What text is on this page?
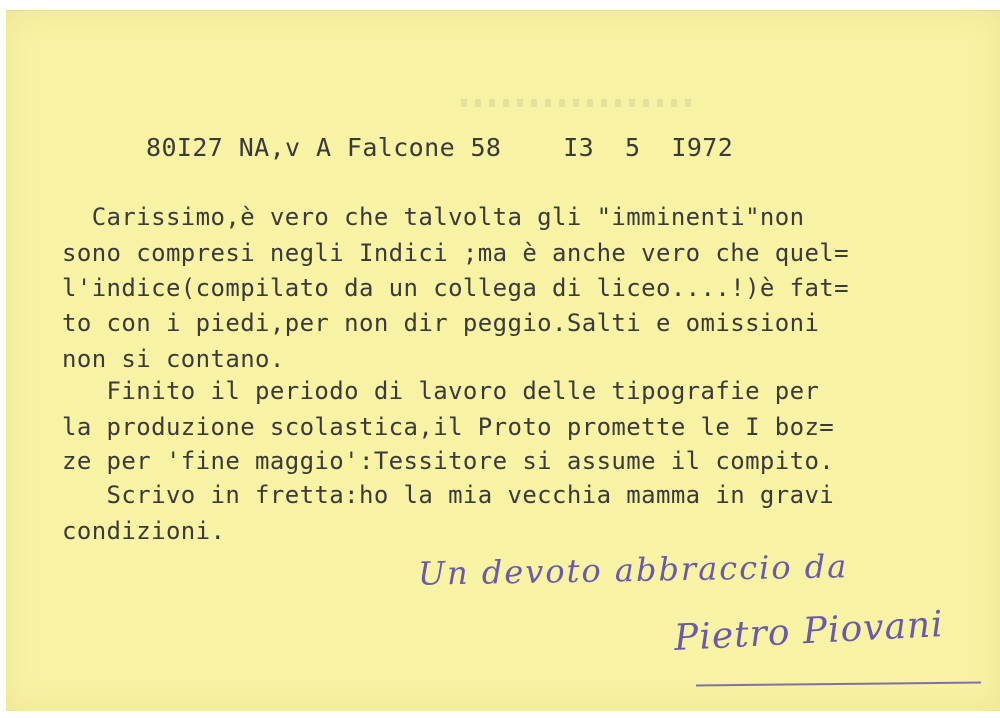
80I27 NA,v A Falcone 58 I3  5  I972
Carissimo,è vero che talvolta gli "imminenti"non
sono compresi negli Indici ;ma è anche vero che quel=
l'indice(compilato da un collega di liceo....!)è fat=
to con i piedi,per non dir peggio.Salti e omissioni
non si contano.
Finito il periodo di lavoro delle tipografie per
la produzione scolastica,il Proto promette le I boz=
ze per 'fine maggio':Tessitore si assume il compito.
Scrivo in fretta:ho la mia vecchia mamma in gravi
condizioni.
Un devoto abbraccio da
Pietro Piovani
